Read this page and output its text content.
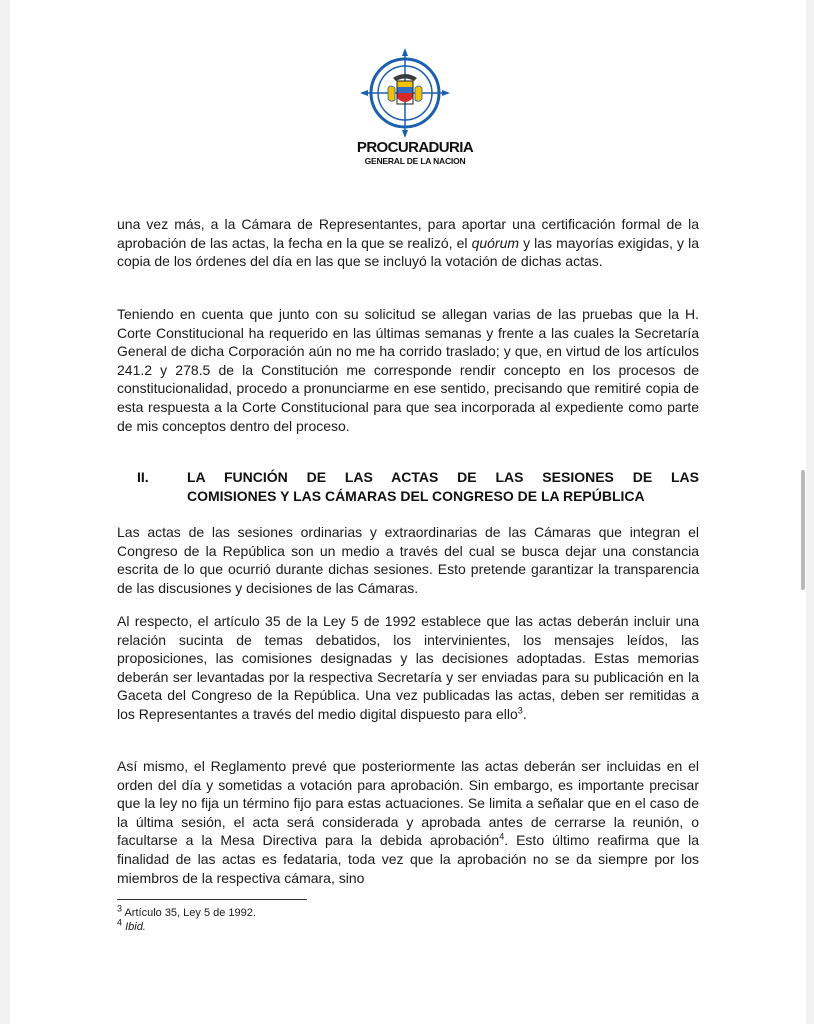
PROCURADURIA
GENERAL DE LA NACION

una vez más, a la Cámara de Representantes, para aportar una certificación formal de la aprobación de las actas, la fecha en la que se realizó, el quórum y las mayorías exigidas, y la copia de los órdenes del día en las que se incluyó la votación de dichas actas.

Teniendo en cuenta que junto con su solicitud se allegan varias de las pruebas que la H. Corte Constitucional ha requerido en las últimas semanas y frente a las cuales la Secretaría General de dicha Corporación aún no me ha corrido traslado; y que, en virtud de los artículos 241.2 y 278.5 de la Constitución me corresponde rendir concepto en los procesos de constitucionalidad, procedo a pronunciarme en ese sentido, precisando que remitiré copia de esta respuesta a la Corte Constitucional para que sea incorporada al expediente como parte de mis conceptos dentro del proceso.

II.	LA FUNCIÓN DE LAS ACTAS DE LAS SESIONES DE LAS
COMISIONES Y LAS CÁMARAS DEL CONGRESO DE LA REPÚBLICA

Las actas de las sesiones ordinarias y extraordinarias de las Cámaras que integran el Congreso de la República son un medio a través del cual se busca dejar una constancia escrita de lo que ocurrió durante dichas sesiones. Esto pretende garantizar la transparencia de las discusiones y decisiones de las Cámaras.

Al respecto, el artículo 35 de la Ley 5 de 1992 establece que las actas deberán incluir una relación sucinta de temas debatidos, los intervinientes, los mensajes leídos, las proposiciones, las comisiones designadas y las decisiones adoptadas. Estas memorias deberán ser levantadas por la respectiva Secretaría y ser enviadas para su publicación en la Gaceta del Congreso de la República. Una vez publicadas las actas, deben ser remitidas a los Representantes a través del medio digital dispuesto para ello$^3$.

Así mismo, el Reglamento prevé que posteriormente las actas deberán ser incluidas en el orden del día y sometidas a votación para aprobación. Sin embargo, es importante precisar que la ley no fija un término fijo para estas actuaciones. Se limita a señalar que en el caso de la última sesión, el acta será considerada y aprobada antes de cerrarse la reunión, o facultarse a la Mesa Directiva para la debida aprobación$^4$. Esto último reafirma que la finalidad de las actas es fedataria, toda vez que la aprobación no se da siempre por los miembros de la respectiva cámara, sino

$^3$ Artículo 35, Ley 5 de 1992.

$^4$ Ibid.
